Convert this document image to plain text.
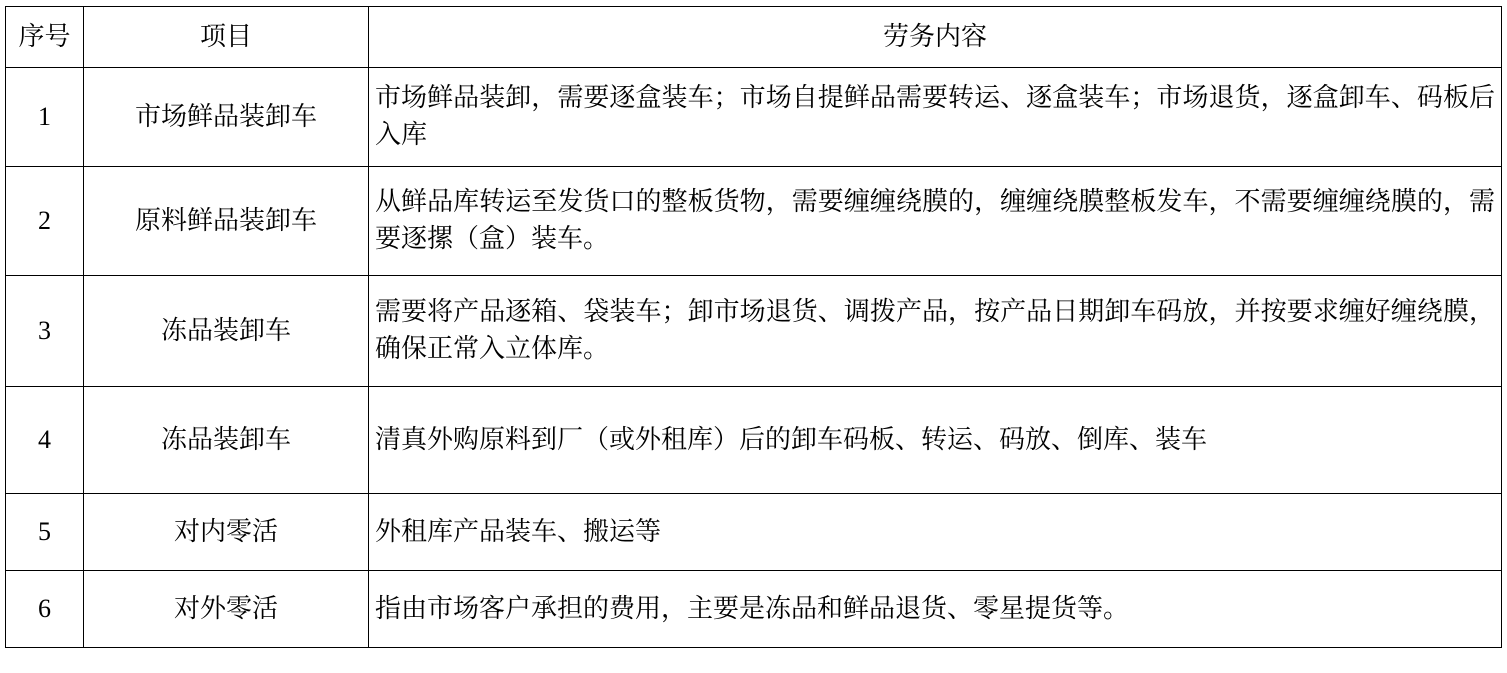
序号	项目	劳务内容
1	市场鲜品装卸车	市场鲜品装卸，需要逐盒装车；市场自提鲜品需要转运、逐盒装车；市场退货，逐盒卸车、码板后入库
2	原料鲜品装卸车	从鲜品库转运至发货口的整板货物，需要缠缠绕膜的，缠缠绕膜整板发车，不需要缠缠绕膜的，需要逐摞（盒）装车。
3	冻品装卸车	需要将产品逐箱、袋装车；卸市场退货、调拨产品，按产品日期卸车码放，并按要求缠好缠绕膜，确保正常入立体库。
4	冻品装卸车	清真外购原料到厂（或外租库）后的卸车码板、转运、码放、倒库、装车
5	对内零活	外租库产品装车、搬运等
6	对外零活	指由市场客户承担的费用，主要是冻品和鲜品退货、零星提货等。
